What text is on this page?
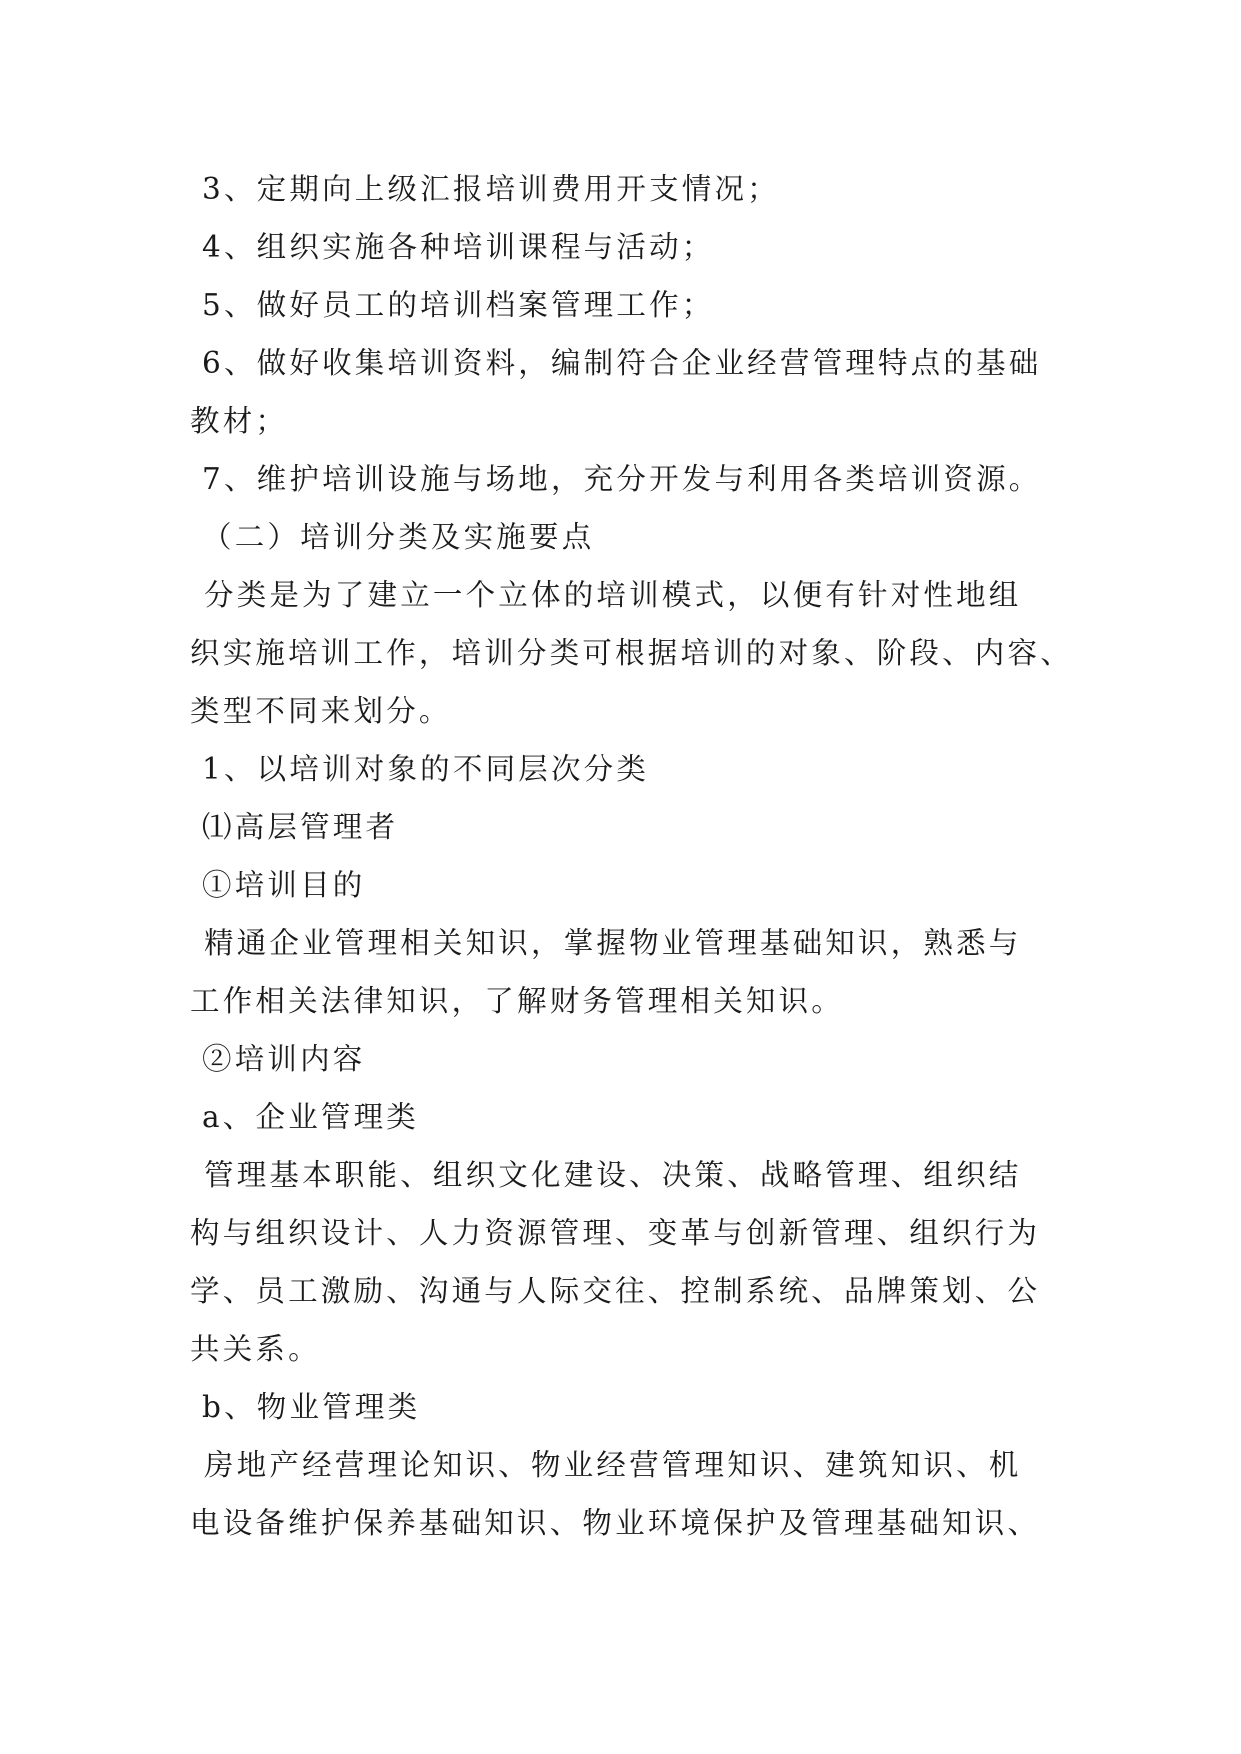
3、定期向上级汇报培训费用开支情况；

4、组织实施各种培训课程与活动；

5、做好员工的培训档案管理工作；

6、做好收集培训资料，编制符合企业经营管理特点的基础

教材；

7、维护培训设施与场地，充分开发与利用各类培训资源。

（二）培训分类及实施要点

分类是为了建立一个立体的培训模式，以便有针对性地组

织实施培训工作，培训分类可根据培训的对象、阶段、内容、

类型不同来划分。

1、以培训对象的不同层次分类

⑴高层管理者

①培训目的

精通企业管理相关知识，掌握物业管理基础知识，熟悉与

工作相关法律知识，了解财务管理相关知识。

②培训内容

a、企业管理类

管理基本职能、组织文化建设、决策、战略管理、组织结

构与组织设计、人力资源管理、变革与创新管理、组织行为

学、员工激励、沟通与人际交往、控制系统、品牌策划、公

共关系。

b、物业管理类

房地产经营理论知识、物业经营管理知识、建筑知识、机

电设备维护保养基础知识、物业环境保护及管理基础知识、
